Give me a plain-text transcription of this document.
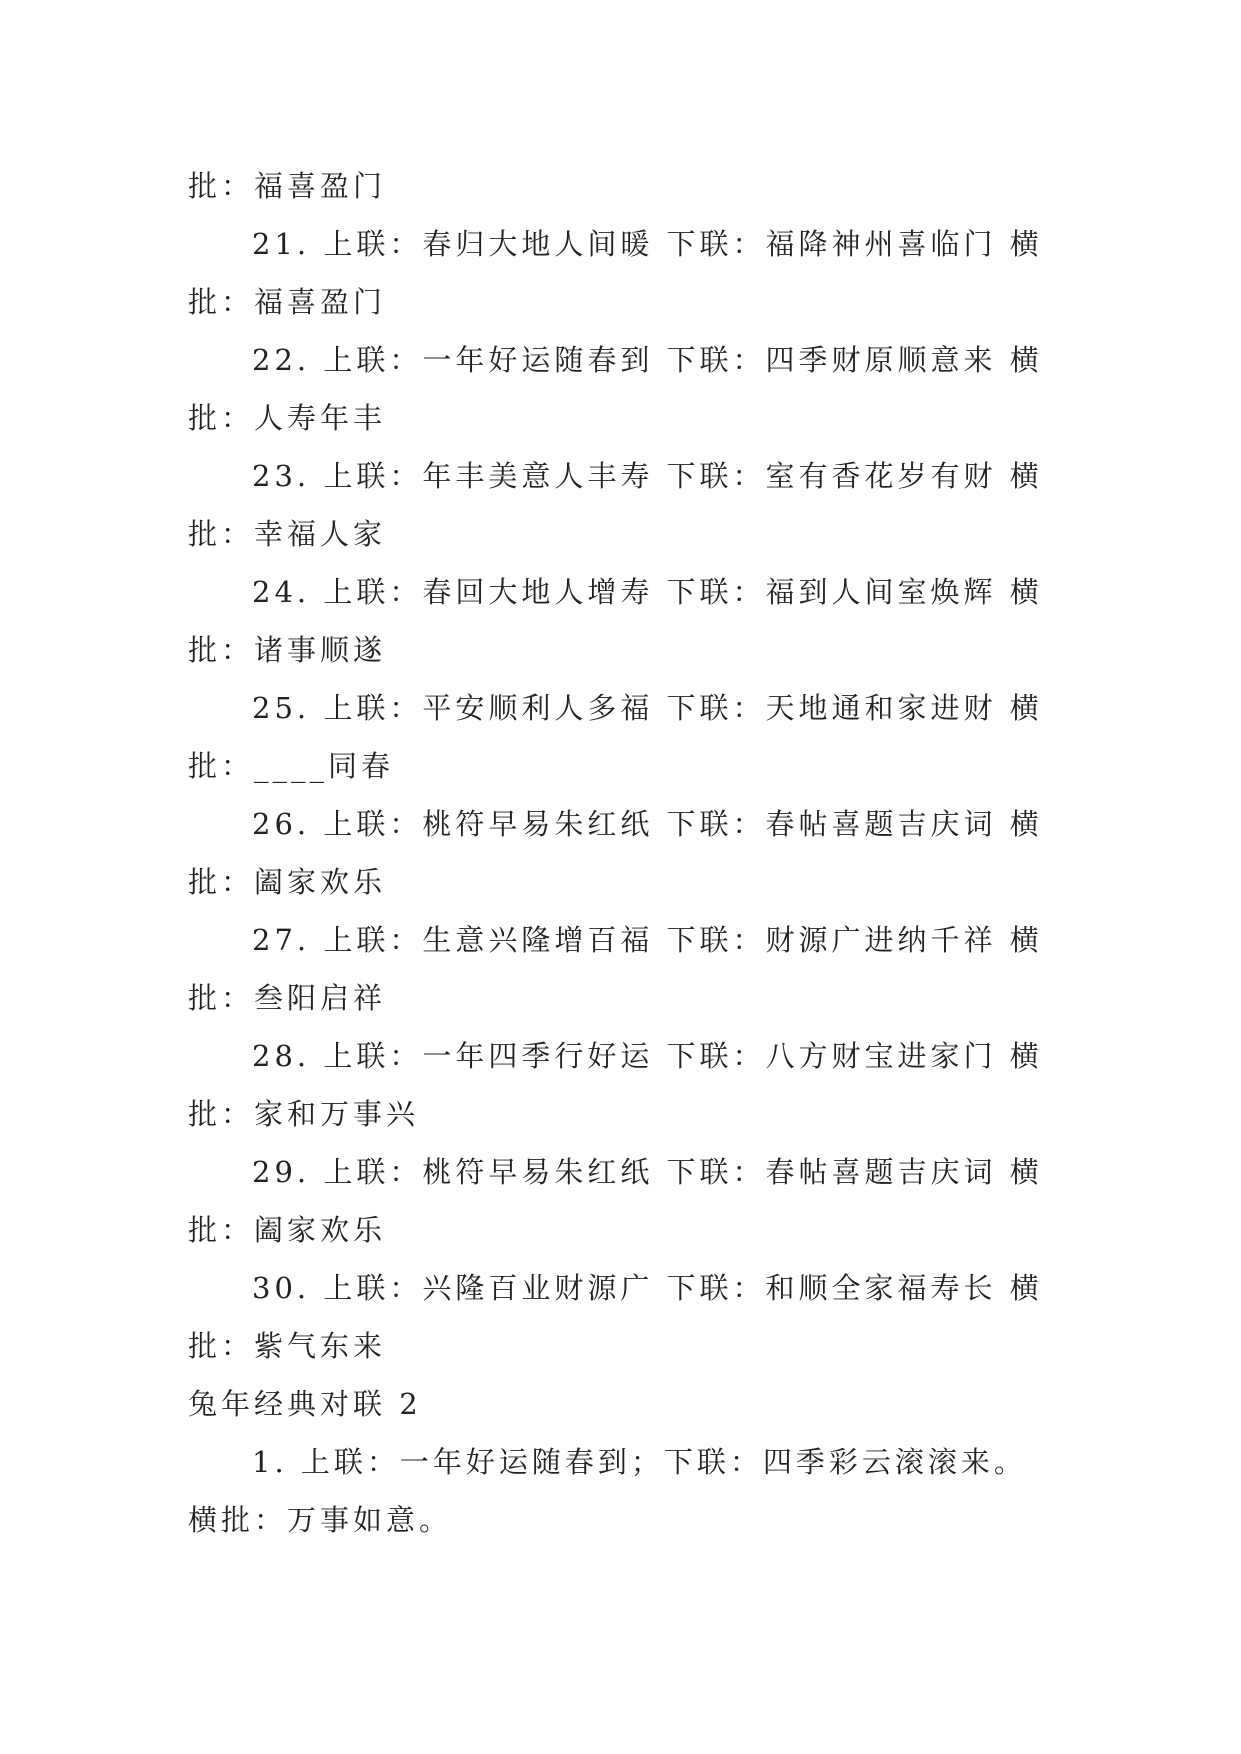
批：福喜盈门
21. 上联：春归大地人间暖 下联：福降神州喜临门 横
批：福喜盈门
22. 上联：一年好运随春到 下联：四季财原顺意来 横
批：人寿年丰
23. 上联：年丰美意人丰寿 下联：室有香花岁有财 横
批：幸福人家
24. 上联：春回大地人增寿 下联：福到人间室焕辉 横
批：诸事顺遂
25. 上联：平安顺利人多福 下联：天地通和家进财 横
批：____同春
26. 上联：桃符早易朱红纸 下联：春帖喜题吉庆词 横
批：阖家欢乐
27. 上联：生意兴隆增百福 下联：财源广进纳千祥 横
批：叁阳启祥
28. 上联：一年四季行好运 下联：八方财宝进家门 横
批：家和万事兴
29. 上联：桃符早易朱红纸 下联：春帖喜题吉庆词 横
批：阖家欢乐
30. 上联：兴隆百业财源广 下联：和顺全家福寿长 横
批：紫气东来
兔年经典对联 2
1. 上联：一年好运随春到；下联：四季彩云滚滚来。
横批：万事如意。
